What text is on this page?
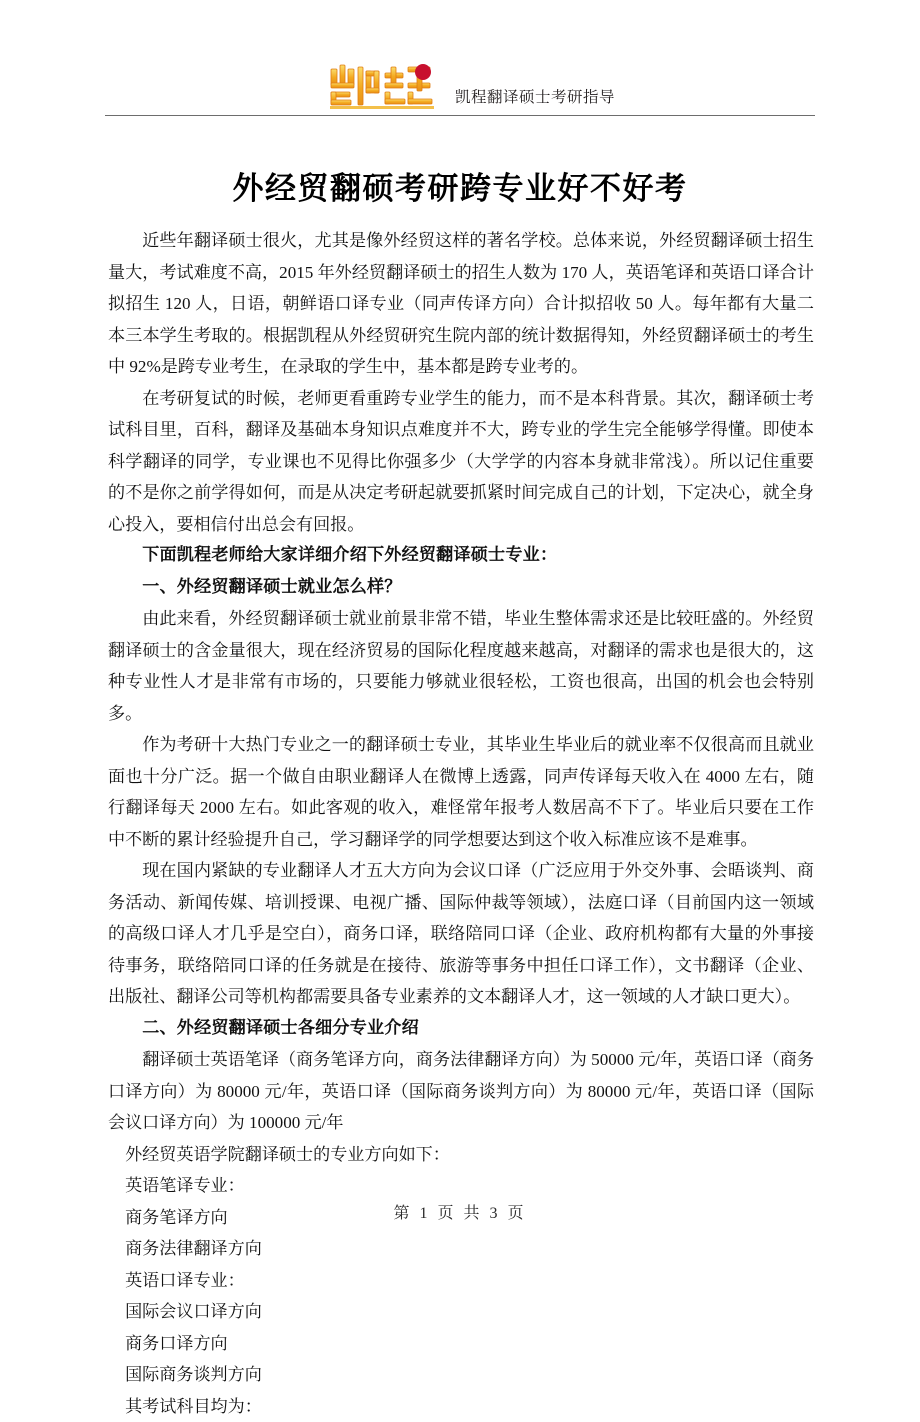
凯程翻译硕士考研指导
外经贸翻硕考研跨专业好不好考

近些年翻译硕士很火，尤其是像外经贸这样的著名学校。总体来说，外经贸翻译硕士招生量大，考试难度不高，2015 年外经贸翻译硕士的招生人数为 170 人，英语笔译和英语口译合计拟招生 120 人，日语，朝鲜语口译专业（同声传译方向）合计拟招收 50 人。每年都有大量二本三本学生考取的。根据凯程从外经贸研究生院内部的统计数据得知，外经贸翻译硕士的考生中 92%是跨专业考生，在录取的学生中，基本都是跨专业考的。

在考研复试的时候，老师更看重跨专业学生的能力，而不是本科背景。其次，翻译硕士考试科目里，百科，翻译及基础本身知识点难度并不大，跨专业的学生完全能够学得懂。即使本科学翻译的同学，专业课也不见得比你强多少（大学学的内容本身就非常浅）。所以记住重要的不是你之前学得如何，而是从决定考研起就要抓紧时间完成自己的计划，下定决心，就全身心投入，要相信付出总会有回报。

下面凯程老师给大家详细介绍下外经贸翻译硕士专业：

一、外经贸翻译硕士就业怎么样？

由此来看，外经贸翻译硕士就业前景非常不错，毕业生整体需求还是比较旺盛的。外经贸翻译硕士的含金量很大，现在经济贸易的国际化程度越来越高，对翻译的需求也是很大的，这种专业性人才是非常有市场的，只要能力够就业很轻松，工资也很高，出国的机会也会特别多。

作为考研十大热门专业之一的翻译硕士专业，其毕业生毕业后的就业率不仅很高而且就业面也十分广泛。据一个做自由职业翻译人在微博上透露，同声传译每天收入在 4000 左右，随行翻译每天 2000 左右。如此客观的收入，难怪常年报考人数居高不下了。毕业后只要在工作中不断的累计经验提升自己，学习翻译学的同学想要达到这个收入标准应该不是难事。

现在国内紧缺的专业翻译人才五大方向为会议口译（广泛应用于外交外事、会晤谈判、商务活动、新闻传媒、培训授课、电视广播、国际仲裁等领域），法庭口译（目前国内这一领域的高级口译人才几乎是空白），商务口译，联络陪同口译（企业、政府机构都有大量的外事接待事务，联络陪同口译的任务就是在接待、旅游等事务中担任口译工作），文书翻译（企业、出版社、翻译公司等机构都需要具备专业素养的文本翻译人才，这一领域的人才缺口更大）。

二、外经贸翻译硕士各细分专业介绍

翻译硕士英语笔译（商务笔译方向，商务法律翻译方向）为 50000 元/年，英语口译（商务口译方向）为 80000 元/年，英语口译（国际商务谈判方向）为 80000 元/年，英语口译（国际会议口译方向）为 100000 元/年

外经贸英语学院翻译硕士的专业方向如下：

英语笔译专业：

商务笔译方向

商务法律翻译方向

英语口译专业：

国际会议口译方向

商务口译方向

国际商务谈判方向

其考试科目均为：

第 1 页 共 3 页
